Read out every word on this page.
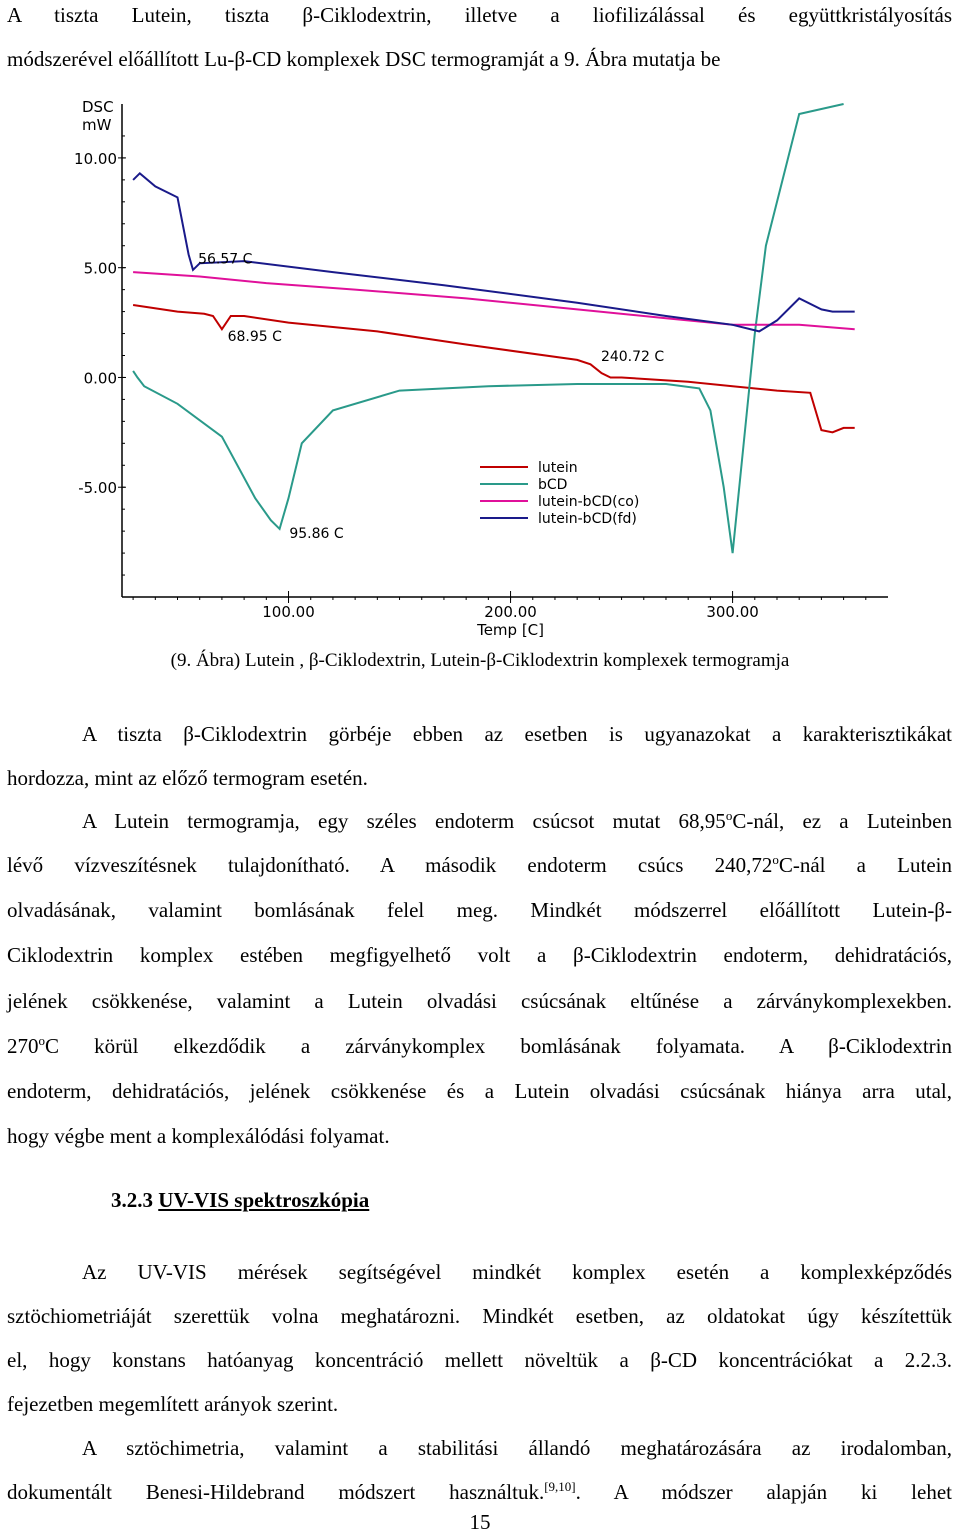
A tiszta Lutein, tiszta β-Ciklodextrin, illetve a liofilizálással és együttkristályosítás
módszerével előállított Lu-β-CD komplexek DSC termogramját a 9. Ábra mutatja be
DSC
mW
10.00
5.00
0.00
-5.00
100.00	200.00	300.00
Temp [C]
56.57 C
68.95 C
95.86 C
240.72 C
lutein
bCD
lutein-bCD(co)
lutein-bCD(fd)
(9. Ábra) Lutein , β-Ciklodextrin, Lutein-β-Ciklodextrin komplexek termogramja
A tiszta β-Ciklodextrin görbéje ebben az esetben is ugyanazokat a karakterisztikákat
hordozza, mint az előző termogram esetén.
A Lutein termogramja, egy széles endoterm csúcsot mutat 68,95$^o$C-nál, ez a Luteinben
lévő vízveszítésnek tulajdonítható. A második endoterm csúcs 240,72$^o$C-nál a Lutein
olvadásának, valamint bomlásának felel meg. Mindkét módszerrel előállított Lutein-β-
Ciklodextrin komplex estében megfigyelhető volt a β-Ciklodextrin endoterm, dehidratációs,
jelének csökkenése, valamint a Lutein olvadási csúcsának eltűnése a zárványkomplexekben.
270$^o$C körül elkezdődik a zárványkomplex bomlásának folyamata. A β-Ciklodextrin
endoterm, dehidratációs, jelének csökkenése és a Lutein olvadási csúcsának hiánya arra utal,
hogy végbe ment a komplexálódási folyamat.
3.2.3 UV-VIS spektroszkópia
Az UV-VIS mérések segítségével mindkét komplex esetén a komplexképződés
sztöchiometriáját szerettük volna meghatározni. Mindkét esetben, az oldatokat úgy készítettük
el, hogy konstans hatóanyag koncentráció mellett növeltük a β-CD koncentrációkat a 2.2.3.
fejezetben megemlített arányok szerint.
A sztöchimetria, valamint a stabilitási állandó meghatározására az irodalomban,
dokumentált Benesi-Hildebrand módszert használtuk.[9,10]. A módszer alapján ki lehet
15
